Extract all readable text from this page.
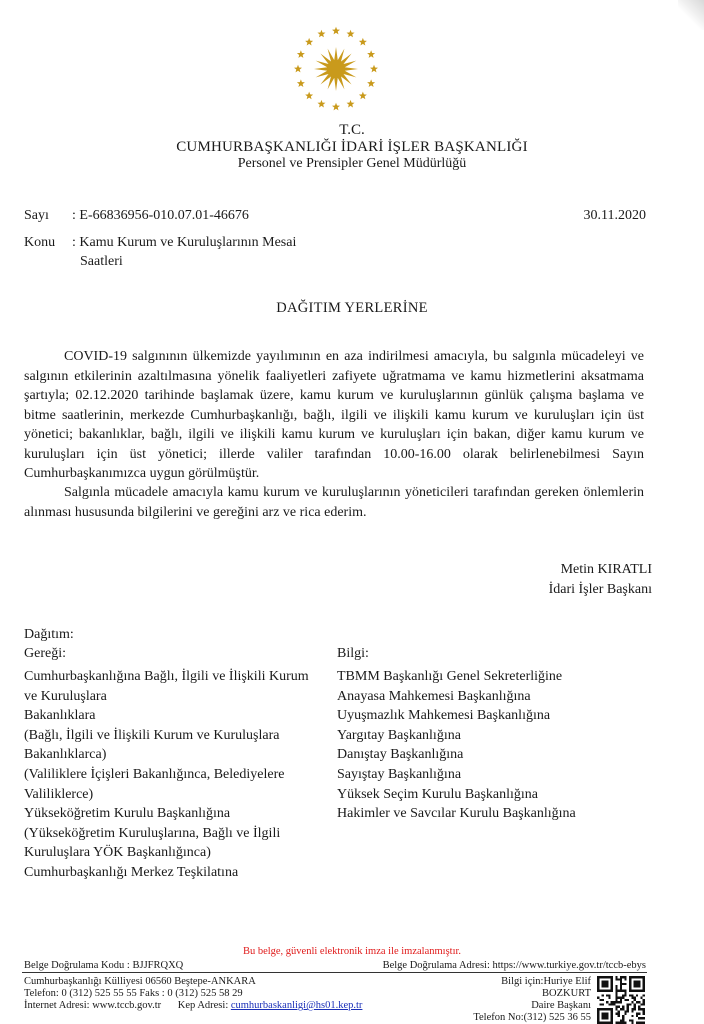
T.C.
CUMHURBAŞKANLIĞI İDARİ İŞLER BAŞKANLIĞI
Personel ve Prensipler Genel Müdürlüğü
Sayı : E-66836956-010.07.01-46676	30.11.2020
Konu : Kamu Kurum ve Kuruluşlarının Mesai
Saatleri
DAĞITIM YERLERİNE

COVID-19 salgınının ülkemizde yayılımının en aza indirilmesi amacıyla, bu salgınla mücadeleyi ve salgının etkilerinin azaltılmasına yönelik faaliyetleri zafiyete uğratmama ve kamu hizmetlerini aksatmama şartıyla; 02.12.2020 tarihinde başlamak üzere, kamu kurum ve kuruluşlarının günlük çalışma başlama ve bitme saatlerinin, merkezde Cumhurbaşkanlığı, bağlı, ilgili ve ilişkili kamu kurum ve kuruluşları için üst yönetici; bakanlıklar, bağlı, ilgili ve ilişkili kamu kurum ve kuruluşları için bakan, diğer kamu kurum ve kuruluşları için üst yönetici; illerde valiler tarafından 10.00-16.00 olarak belirlenebilmesi Sayın Cumhurbaşkanımızca uygun görülmüştür.

Salgınla mücadele amacıyla kamu kurum ve kuruluşlarının yöneticileri tarafından gereken önlemlerin alınması hususunda bilgilerini ve gereğini arz ve rica ederim.

Metin KIRATLI
İdari İşler Başkanı
Dağıtım:
Gereği:	Bilgi:
Cumhurbaşkanlığına Bağlı, İlgili ve İlişkili Kurum
ve Kuruluşlara
Bakanlıklara
(Bağlı, İlgili ve İlişkili Kurum ve Kuruluşlara
Bakanlıklarca)
(Valiliklere İçişleri Bakanlığınca, Belediyelere
Valiliklerce)
Yükseköğretim Kurulu Başkanlığına
(Yükseköğretim Kuruluşlarına, Bağlı ve İlgili
Kuruluşlara YÖK Başkanlığınca)
Cumhurbaşkanlığı Merkez Teşkilatına
TBMM Başkanlığı Genel Sekreterliğine
Anayasa Mahkemesi Başkanlığına
Uyuşmazlık Mahkemesi Başkanlığına
Yargıtay Başkanlığına
Danıştay Başkanlığına
Sayıştay Başkanlığına
Yüksek Seçim Kurulu Başkanlığına
Hakimler ve Savcılar Kurulu Başkanlığına
Bu belge, güvenli elektronik imza ile imzalanmıştır.
Belge Doğrulama Kodu : BJJFRQXQ	Belge Doğrulama Adresi: https://www.turkiye.gov.tr/tccb-ebys
Cumhurbaşkanlığı Külliyesi 06560 Beştepe-ANKARA
Telefon: 0 (312) 525 55 55 Faks : 0 (312) 525 58 29
İnternet Adresi: www.tccb.gov.tr Kep Adresi: cumhurbaskanligi@hs01.kep.tr
Bilgi için:Huriye Elif
BOZKURT
Daire Başkanı
Telefon No:(312) 525 36 55
